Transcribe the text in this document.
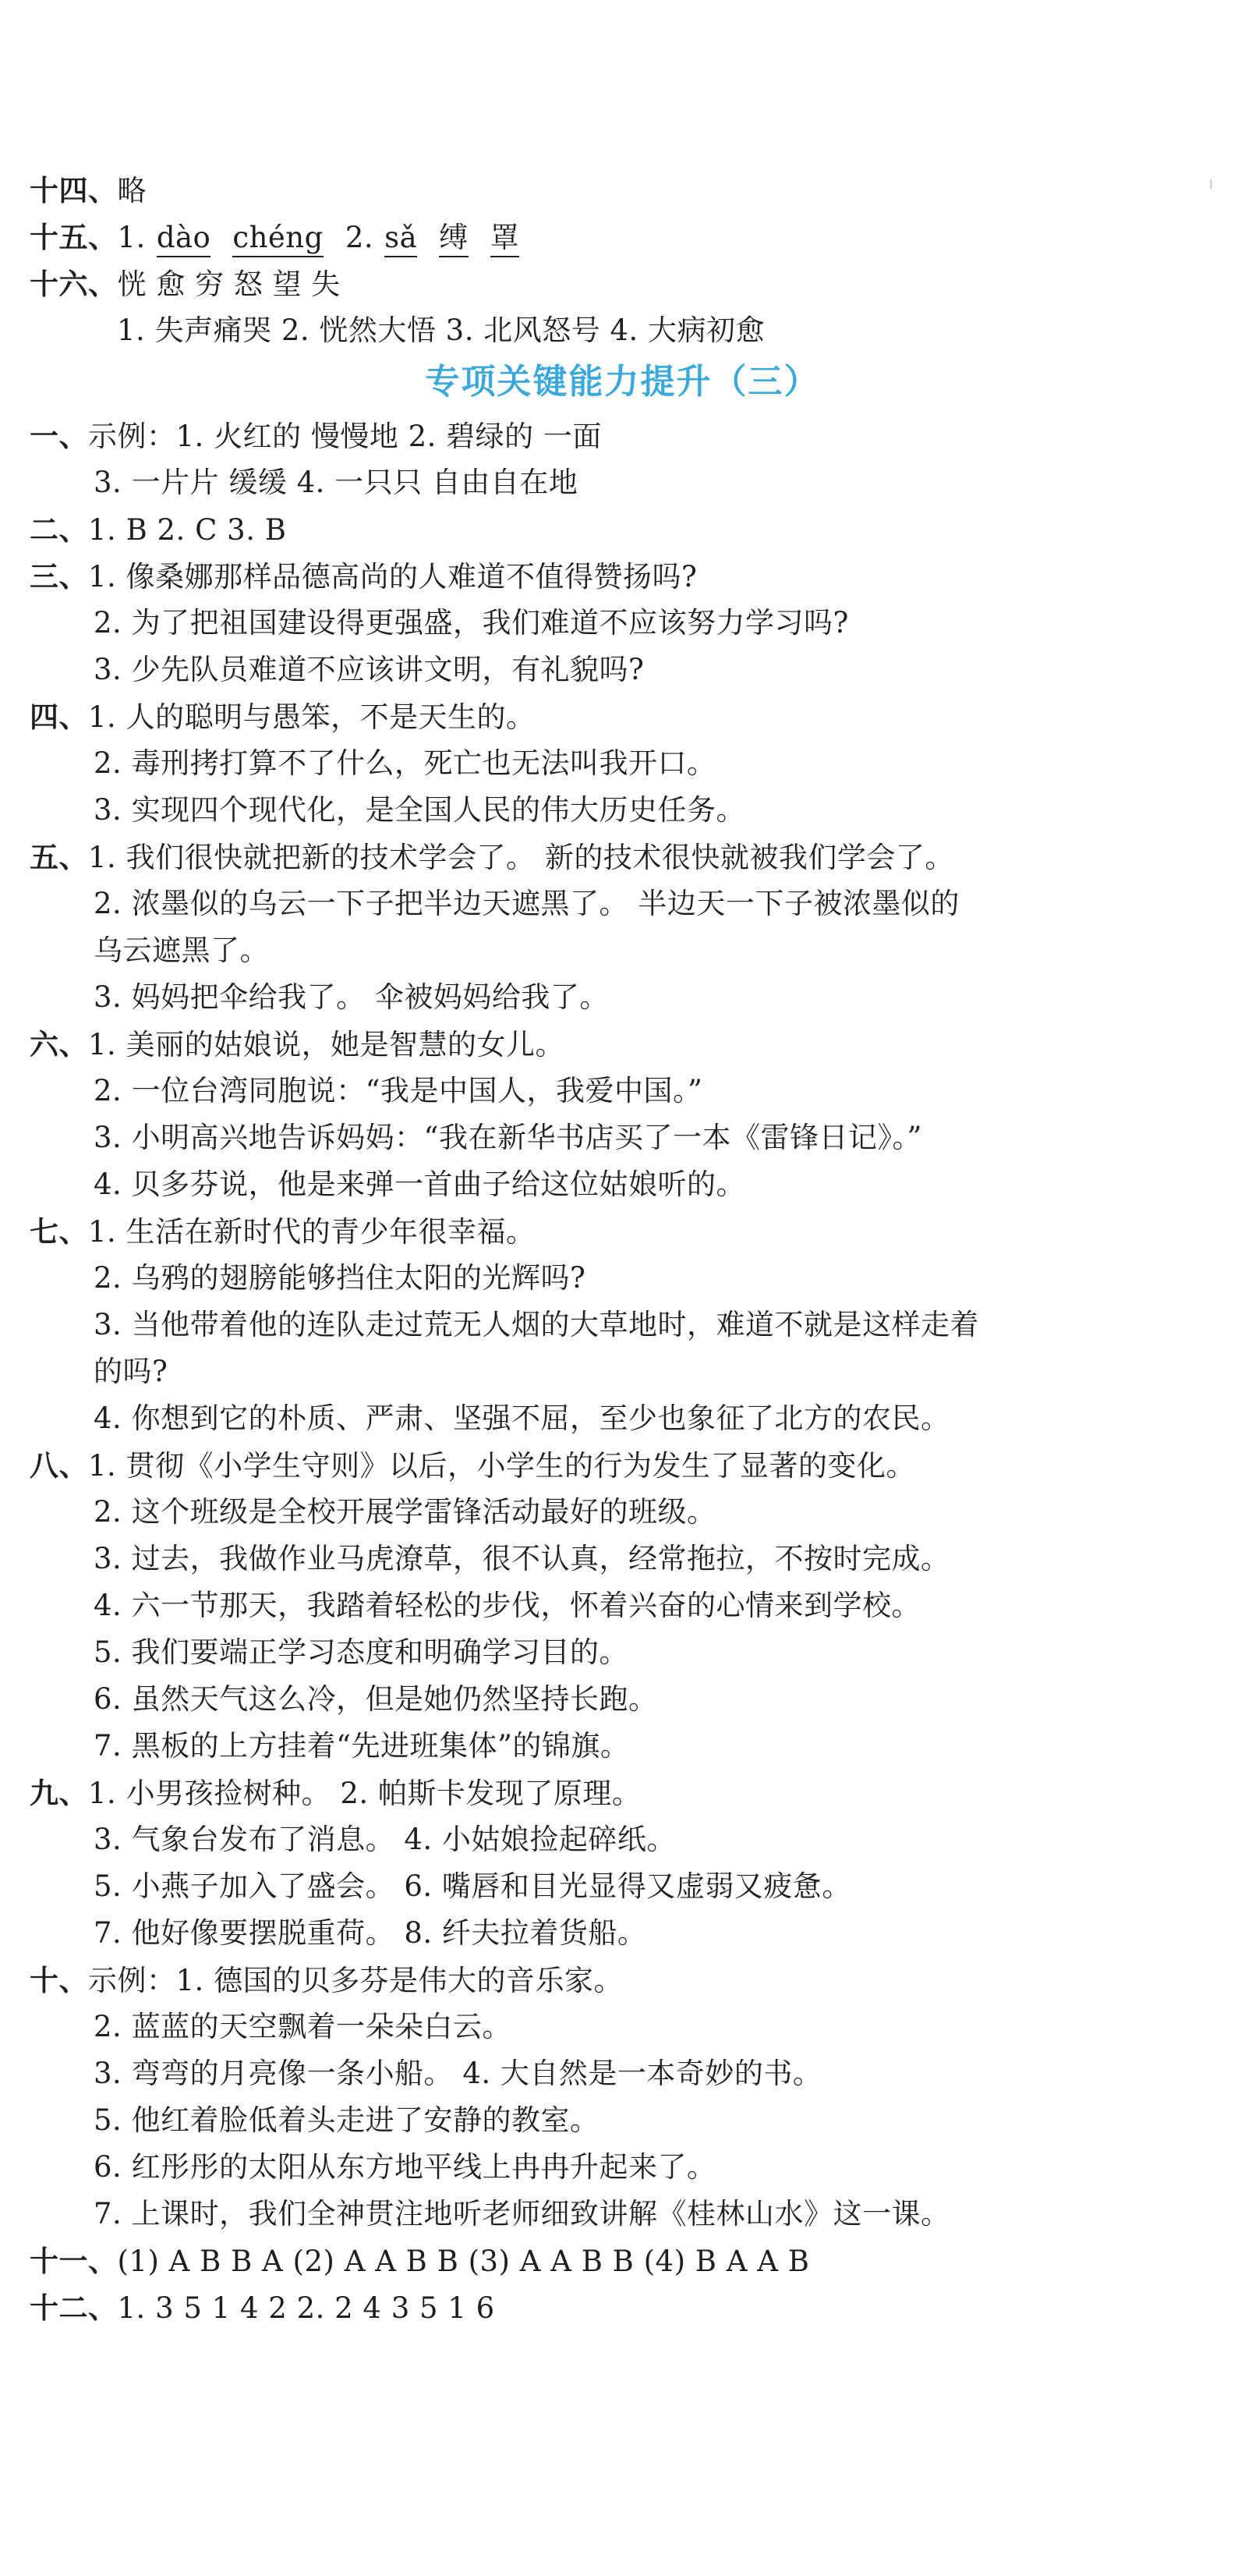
十四、略
十五、1. dào chéng 2. sǎ 缚 罩
十六、恍 愈 穷 怒 望 失
1. 失声痛哭 2. 恍然大悟 3. 北风怒号 4. 大病初愈
专项关键能力提升（三）
一、示例：1. 火红的 慢慢地 2. 碧绿的 一面
3. 一片片 缓缓 4. 一只只 自由自在地
二、1. B 2. C 3. B
三、1. 像桑娜那样品德高尚的人难道不值得赞扬吗?
2. 为了把祖国建设得更强盛，我们难道不应该努力学习吗?
3. 少先队员难道不应该讲文明，有礼貌吗?
四、1. 人的聪明与愚笨，不是天生的。
2. 毒刑拷打算不了什么，死亡也无法叫我开口。
3. 实现四个现代化，是全国人民的伟大历史任务。
五、1. 我们很快就把新的技术学会了。 新的技术很快就被我们学会了。
2. 浓墨似的乌云一下子把半边天遮黑了。 半边天一下子被浓墨似的
乌云遮黑了。
3. 妈妈把伞给我了。 伞被妈妈给我了。
六、1. 美丽的姑娘说，她是智慧的女儿。
2. 一位台湾同胞说：“我是中国人，我爱中国。”
3. 小明高兴地告诉妈妈：“我在新华书店买了一本《雷锋日记》。”
4. 贝多芬说，他是来弹一首曲子给这位姑娘听的。
七、1. 生活在新时代的青少年很幸福。
2. 乌鸦的翅膀能够挡住太阳的光辉吗?
3. 当他带着他的连队走过荒无人烟的大草地时，难道不就是这样走着
的吗?
4. 你想到它的朴质、严肃、坚强不屈，至少也象征了北方的农民。
八、1. 贯彻《小学生守则》以后，小学生的行为发生了显著的变化。
2. 这个班级是全校开展学雷锋活动最好的班级。
3. 过去，我做作业马虎潦草，很不认真，经常拖拉，不按时完成。
4. 六一节那天，我踏着轻松的步伐，怀着兴奋的心情来到学校。
5. 我们要端正学习态度和明确学习目的。
6. 虽然天气这么冷，但是她仍然坚持长跑。
7. 黑板的上方挂着“先进班集体”的锦旗。
九、1. 小男孩捡树种。 2. 帕斯卡发现了原理。
3. 气象台发布了消息。 4. 小姑娘捡起碎纸。
5. 小燕子加入了盛会。 6. 嘴唇和目光显得又虚弱又疲惫。
7. 他好像要摆脱重荷。 8. 纤夫拉着货船。
十、示例：1. 德国的贝多芬是伟大的音乐家。
2. 蓝蓝的天空飘着一朵朵白云。
3. 弯弯的月亮像一条小船。 4. 大自然是一本奇妙的书。
5. 他红着脸低着头走进了安静的教室。
6. 红彤彤的太阳从东方地平线上冉冉升起来了。
7. 上课时，我们全神贯注地听老师细致讲解《桂林山水》这一课。
十一、(1) A B B A (2) A A B B (3) A A B B (4) B A A B
十二、1. 3 5 1 4 2 2. 2 4 3 5 1 6
